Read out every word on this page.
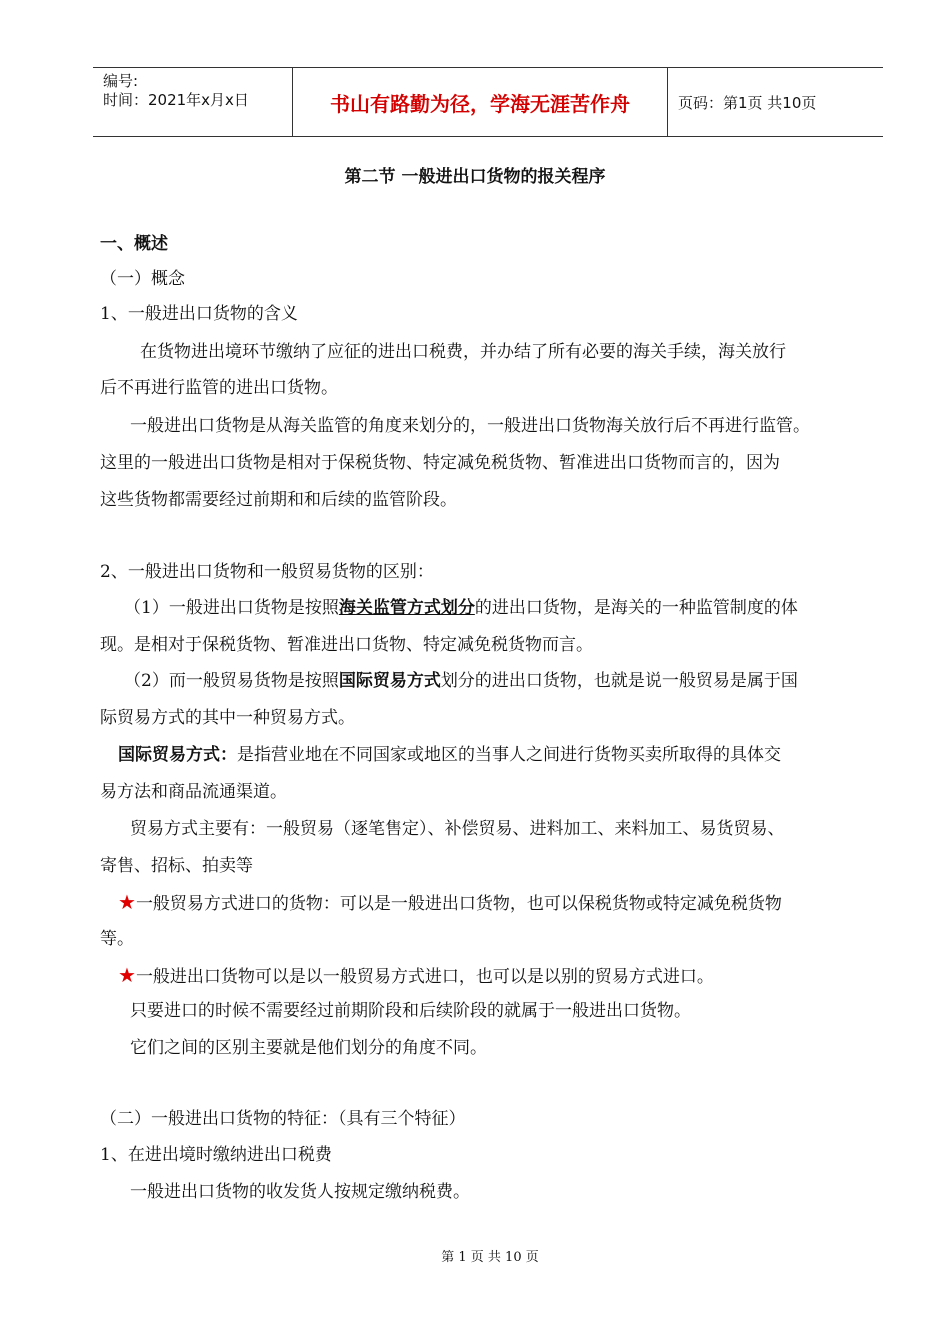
编号:
时间：2021年x月x日	书山有路勤为径，学海无涯苦作舟	页码：第1页 共10页
第二节 一般进出口货物的报关程序
一、概述
（一）概念
1、一般进出口货物的含义
在货物进出境环节缴纳了应征的进出口税费，并办结了所有必要的海关手续，海关放行
后不再进行监管的进出口货物。
一般进出口货物是从海关监管的角度来划分的，一般进出口货物海关放行后不再进行监管。
这里的一般进出口货物是相对于保税货物、特定减免税货物、暂准进出口货物而言的，因为
这些货物都需要经过前期和和后续的监管阶段。
2、一般进出口货物和一般贸易货物的区别：
（1）一般进出口货物是按照海关监管方式划分的进出口货物，是海关的一种监管制度的体
现。是相对于保税货物、暂准进出口货物、特定减免税货物而言。
（2）而一般贸易货物是按照国际贸易方式划分的进出口货物，也就是说一般贸易是属于国
际贸易方式的其中一种贸易方式。
国际贸易方式：是指营业地在不同国家或地区的当事人之间进行货物买卖所取得的具体交
易方法和商品流通渠道。
贸易方式主要有：一般贸易（逐笔售定）、补偿贸易、进料加工、来料加工、易货贸易、
寄售、招标、拍卖等
★一般贸易方式进口的货物：可以是一般进出口货物，也可以保税货物或特定减免税货物
等。
★一般进出口货物可以是以一般贸易方式进口，也可以是以别的贸易方式进口。
只要进口的时候不需要经过前期阶段和后续阶段的就属于一般进出口货物。
它们之间的区别主要就是他们划分的角度不同。
（二）一般进出口货物的特征：（具有三个特征）
1、在进出境时缴纳进出口税费
一般进出口货物的收发货人按规定缴纳税费。
第 1 页 共 10 页
